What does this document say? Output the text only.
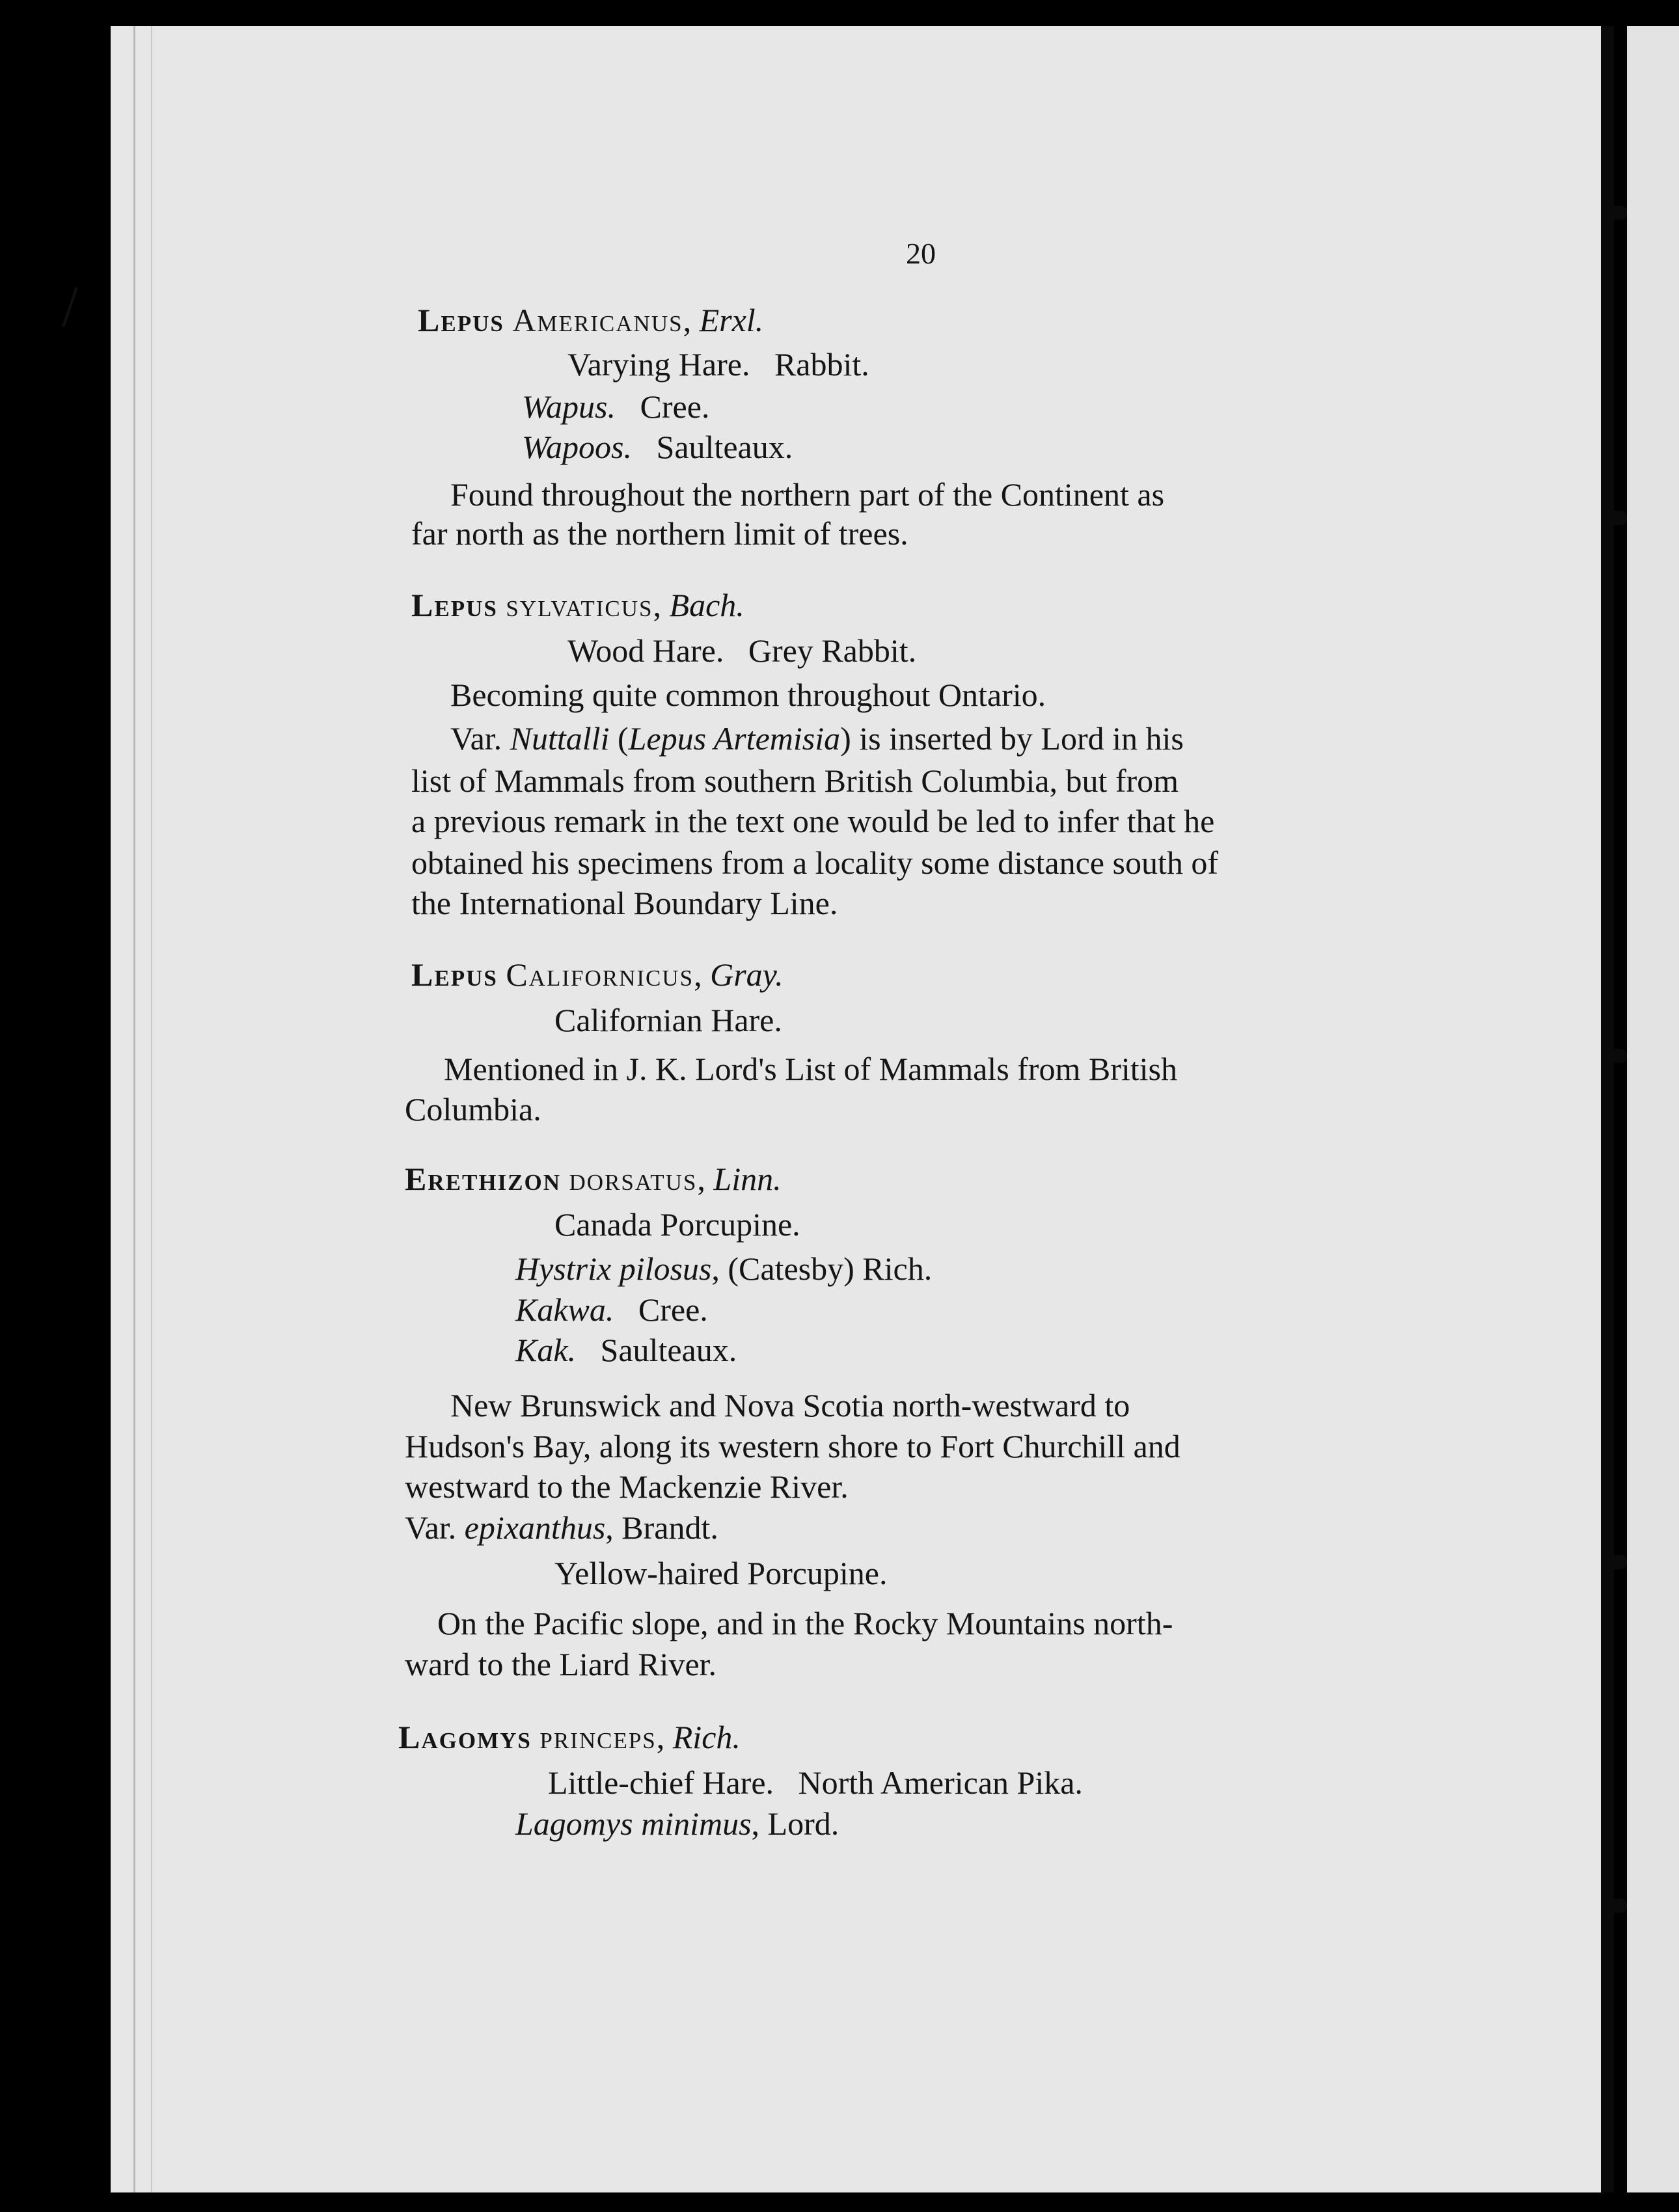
/
20
Lepus Americanus, Erxl.
Varying Hare. Rabbit.
Wapus. Cree.
Wapoos. Saulteaux.
Found throughout the northern part of the Continent as
far north as the northern limit of trees.
Lepus sylvaticus, Bach.
Wood Hare. Grey Rabbit.
Becoming quite common throughout Ontario.
Var. Nuttalli (Lepus Artemisia) is inserted by Lord in his
list of Mammals from southern British Columbia, but from
a previous remark in the text one would be led to infer that he
obtained his specimens from a locality some distance south of
the International Boundary Line.
Lepus Californicus, Gray.
Californian Hare.
Mentioned in J. K. Lord's List of Mammals from British
Columbia.
Erethizon dorsatus, Linn.
Canada Porcupine.
Hystrix pilosus, (Catesby) Rich.
Kakwa. Cree.
Kak. Saulteaux.
New Brunswick and Nova Scotia north-westward to
Hudson's Bay, along its western shore to Fort Churchill and
westward to the Mackenzie River.
Var. epixanthus, Brandt.
Yellow-haired Porcupine.
On the Pacific slope, and in the Rocky Mountains north-
ward to the Liard River.
Lagomys princeps, Rich.
Little-chief Hare. North American Pika.
Lagomys minimus, Lord.
